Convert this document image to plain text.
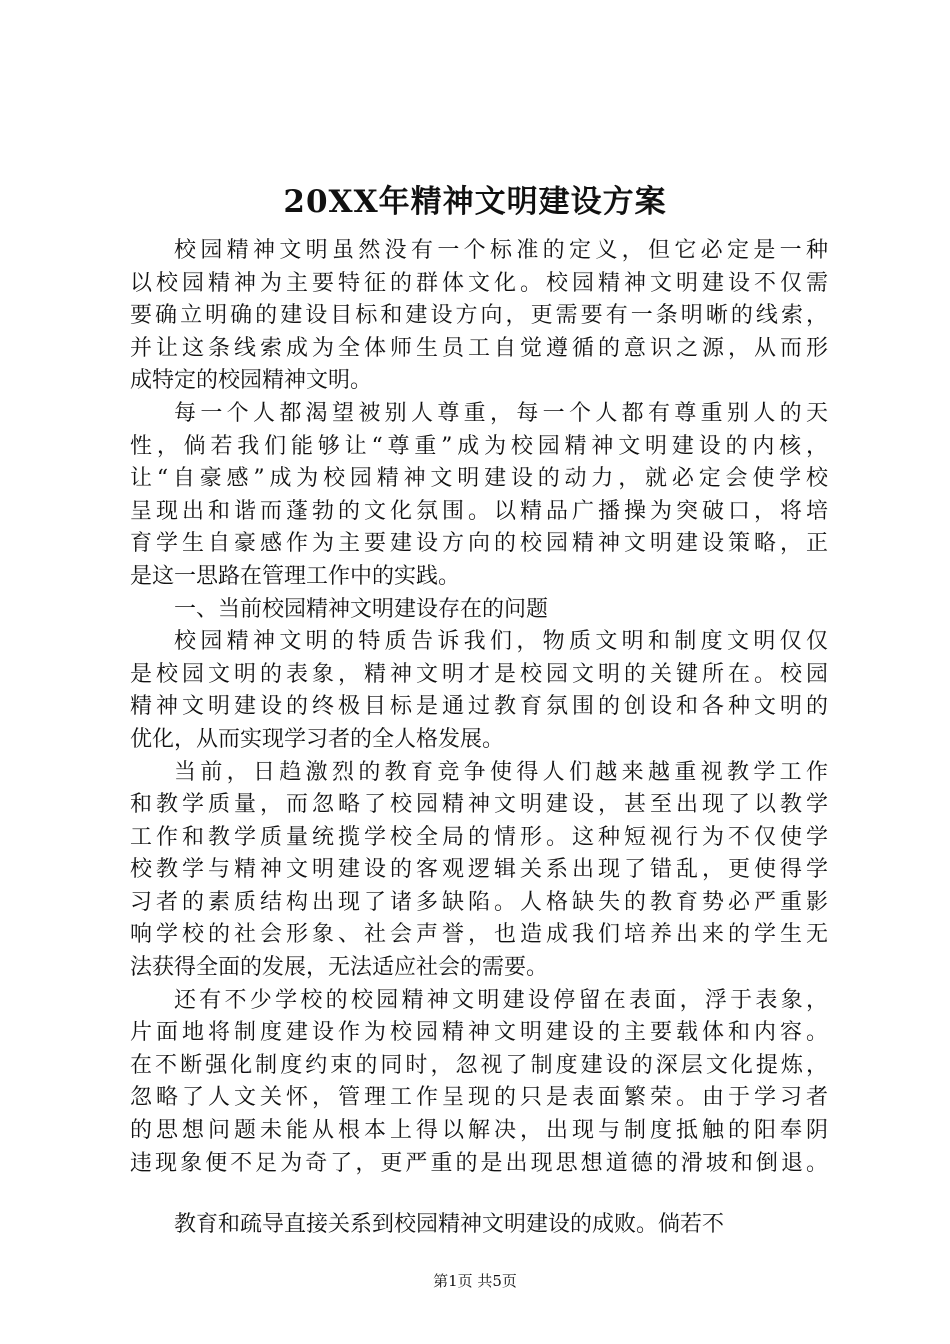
20XX年精神文明建设方案
校园精神文明虽然没有一个标准的定义，但它必定是一种
以校园精神为主要特征的群体文化。校园精神文明建设不仅需
要确立明确的建设目标和建设方向，更需要有一条明晰的线索，
并让这条线索成为全体师生员工自觉遵循的意识之源，从而形
成特定的校园精神文明。
每一个人都渴望被别人尊重，每一个人都有尊重别人的天
性，倘若我们能够让“尊重”成为校园精神文明建设的内核，
让“自豪感”成为校园精神文明建设的动力，就必定会使学校
呈现出和谐而蓬勃的文化氛围。以精品广播操为突破口，将培
育学生自豪感作为主要建设方向的校园精神文明建设策略，正
是这一思路在管理工作中的实践。
一、当前校园精神文明建设存在的问题
校园精神文明的特质告诉我们，物质文明和制度文明仅仅
是校园文明的表象，精神文明才是校园文明的关键所在。校园
精神文明建设的终极目标是通过教育氛围的创设和各种文明的
优化，从而实现学习者的全人格发展。
当前，日趋激烈的教育竞争使得人们越来越重视教学工作
和教学质量，而忽略了校园精神文明建设，甚至出现了以教学
工作和教学质量统揽学校全局的情形。这种短视行为不仅使学
校教学与精神文明建设的客观逻辑关系出现了错乱，更使得学
习者的素质结构出现了诸多缺陷。人格缺失的教育势必严重影
响学校的社会形象、社会声誉，也造成我们培养出来的学生无
法获得全面的发展，无法适应社会的需要。
还有不少学校的校园精神文明建设停留在表面，浮于表象，
片面地将制度建设作为校园精神文明建设的主要载体和内容。
在不断强化制度约束的同时，忽视了制度建设的深层文化提炼，
忽略了人文关怀，管理工作呈现的只是表面繁荣。由于学习者
的思想问题未能从根本上得以解决，出现与制度抵触的阳奉阴
违现象便不足为奇了，更严重的是出现思想道德的滑坡和倒退。
教育和疏导直接关系到校园精神文明建设的成败。倘若不
第1页 共5页
